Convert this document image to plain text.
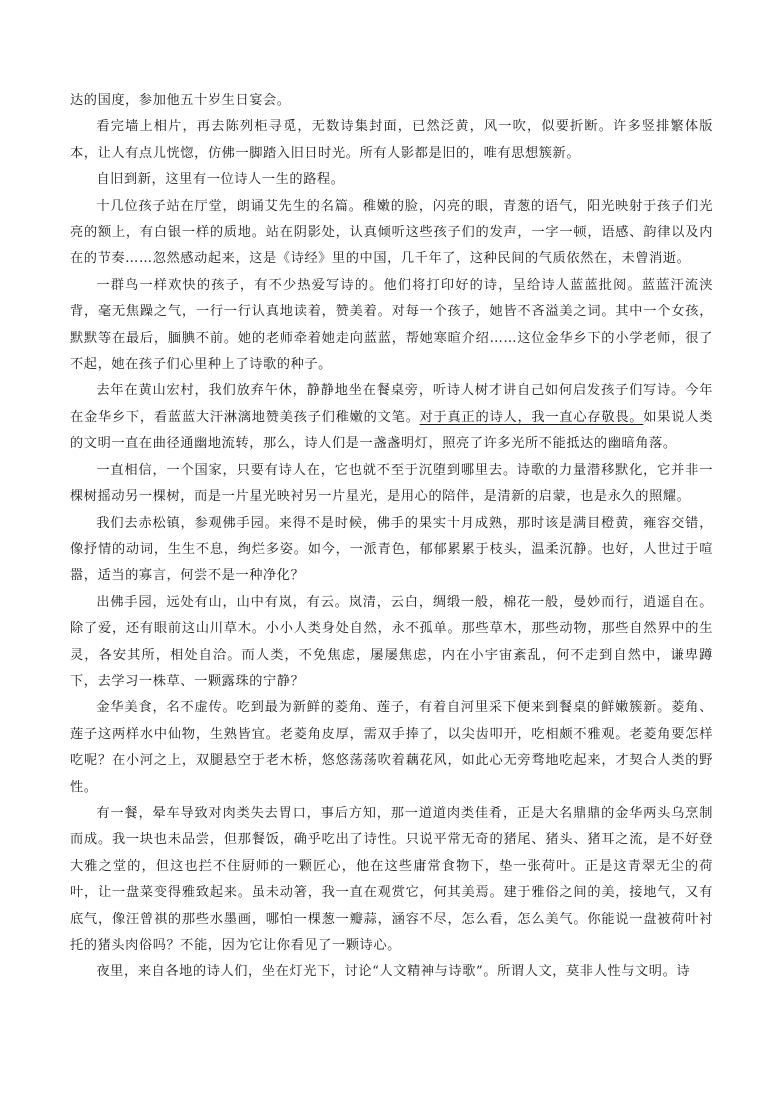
达的国度，参加他五十岁生日宴会。

看完墙上相片，再去陈列柜寻觅，无数诗集封面，已然泛黄，风一吹，似要折断。许多竖排繁体版本，让人有点儿恍惚，仿佛一脚踏入旧日时光。所有人影都是旧的，唯有思想簇新。

自旧到新，这里有一位诗人一生的路程。

十几位孩子站在厅堂，朗诵艾先生的名篇。稚嫩的脸，闪亮的眼，青葱的语气，阳光映射于孩子们光亮的额上，有白银一样的质地。站在阴影处，认真倾听这些孩子们的发声，一字一顿，语感、韵律以及内在的节奏……忽然感动起来，这是《诗经》里的中国，几千年了，这种民间的气质依然在，未曾消逝。

一群鸟一样欢快的孩子，有不少热爱写诗的。他们将打印好的诗，呈给诗人蓝蓝批阅。蓝蓝汗流浃背，毫无焦躁之气，一行一行认真地读着，赞美着。对每一个孩子，她皆不吝溢美之词。其中一个女孩，默默等在最后，腼腆不前。她的老师牵着她走向蓝蓝，帮她寒暄介绍……这位金华乡下的小学老师，很了不起，她在孩子们心里种上了诗歌的种子。

去年在黄山宏村，我们放弃午休，静静地坐在餐桌旁，听诗人树才讲自己如何启发孩子们写诗。今年在金华乡下，看蓝蓝大汗淋漓地赞美孩子们稚嫩的文笔。对于真正的诗人，我一直心存敬畏。如果说人类的文明一直在曲径通幽地流转，那么，诗人们是一盏盏明灯，照亮了许多光所不能抵达的幽暗角落。

一直相信，一个国家，只要有诗人在，它也就不至于沉堕到哪里去。诗歌的力量潜移默化，它并非一棵树摇动另一棵树，而是一片星光映衬另一片星光，是用心的陪伴，是清新的启蒙，也是永久的照耀。

我们去赤松镇，参观佛手园。来得不是时候，佛手的果实十月成熟，那时该是满目橙黄，雍容交错，像抒情的动词，生生不息，绚烂多姿。如今，一派青色，郁郁累累于枝头，温柔沉静。也好，人世过于喧嚣，适当的寡言，何尝不是一种净化？

出佛手园，远处有山，山中有岚，有云。岚清，云白，绸缎一般，棉花一般，曼妙而行，逍遥自在。除了爱，还有眼前这山川草木。小小人类身处自然，永不孤单。那些草木，那些动物，那些自然界中的生灵，各安其所，相处自洽。而人类，不免焦虑，屡屡焦虑，内在小宇宙紊乱，何不走到自然中，谦卑蹲下，去学习一株草、一颗露珠的宁静？

金华美食，名不虚传。吃到最为新鲜的菱角、莲子，有着自河里采下便来到餐桌的鲜嫩簇新。菱角、莲子这两样水中仙物，生熟皆宜。老菱角皮厚，需双手捧了，以尖齿叩开，吃相颇不雅观。老菱角要怎样吃呢？在小河之上，双腿悬空于老木桥，悠悠荡荡吹着藕花风，如此心无旁骛地吃起来，才契合人类的野性。

有一餐，晕车导致对肉类失去胃口，事后方知，那一道道肉类佳肴，正是大名鼎鼎的金华两头乌烹制而成。我一块也未品尝，但那餐饭，确乎吃出了诗性。只说平常无奇的猪尾、猪头、猪耳之流，是不好登大雅之堂的，但这也拦不住厨师的一颗匠心，他在这些庸常食物下，垫一张荷叶。正是这青翠无尘的荷叶，让一盘菜变得雅致起来。虽未动箸，我一直在观赏它，何其美焉。建于雅俗之间的美，接地气，又有底气，像汪曾祺的那些水墨画，哪怕一棵葱一瓣蒜，涵容不尽，怎么看，怎么美气。你能说一盘被荷叶衬托的猪头肉俗吗？不能，因为它让你看见了一颗诗心。

夜里，来自各地的诗人们，坐在灯光下，讨论“人文精神与诗歌”。所谓人文，莫非人性与文明。诗
